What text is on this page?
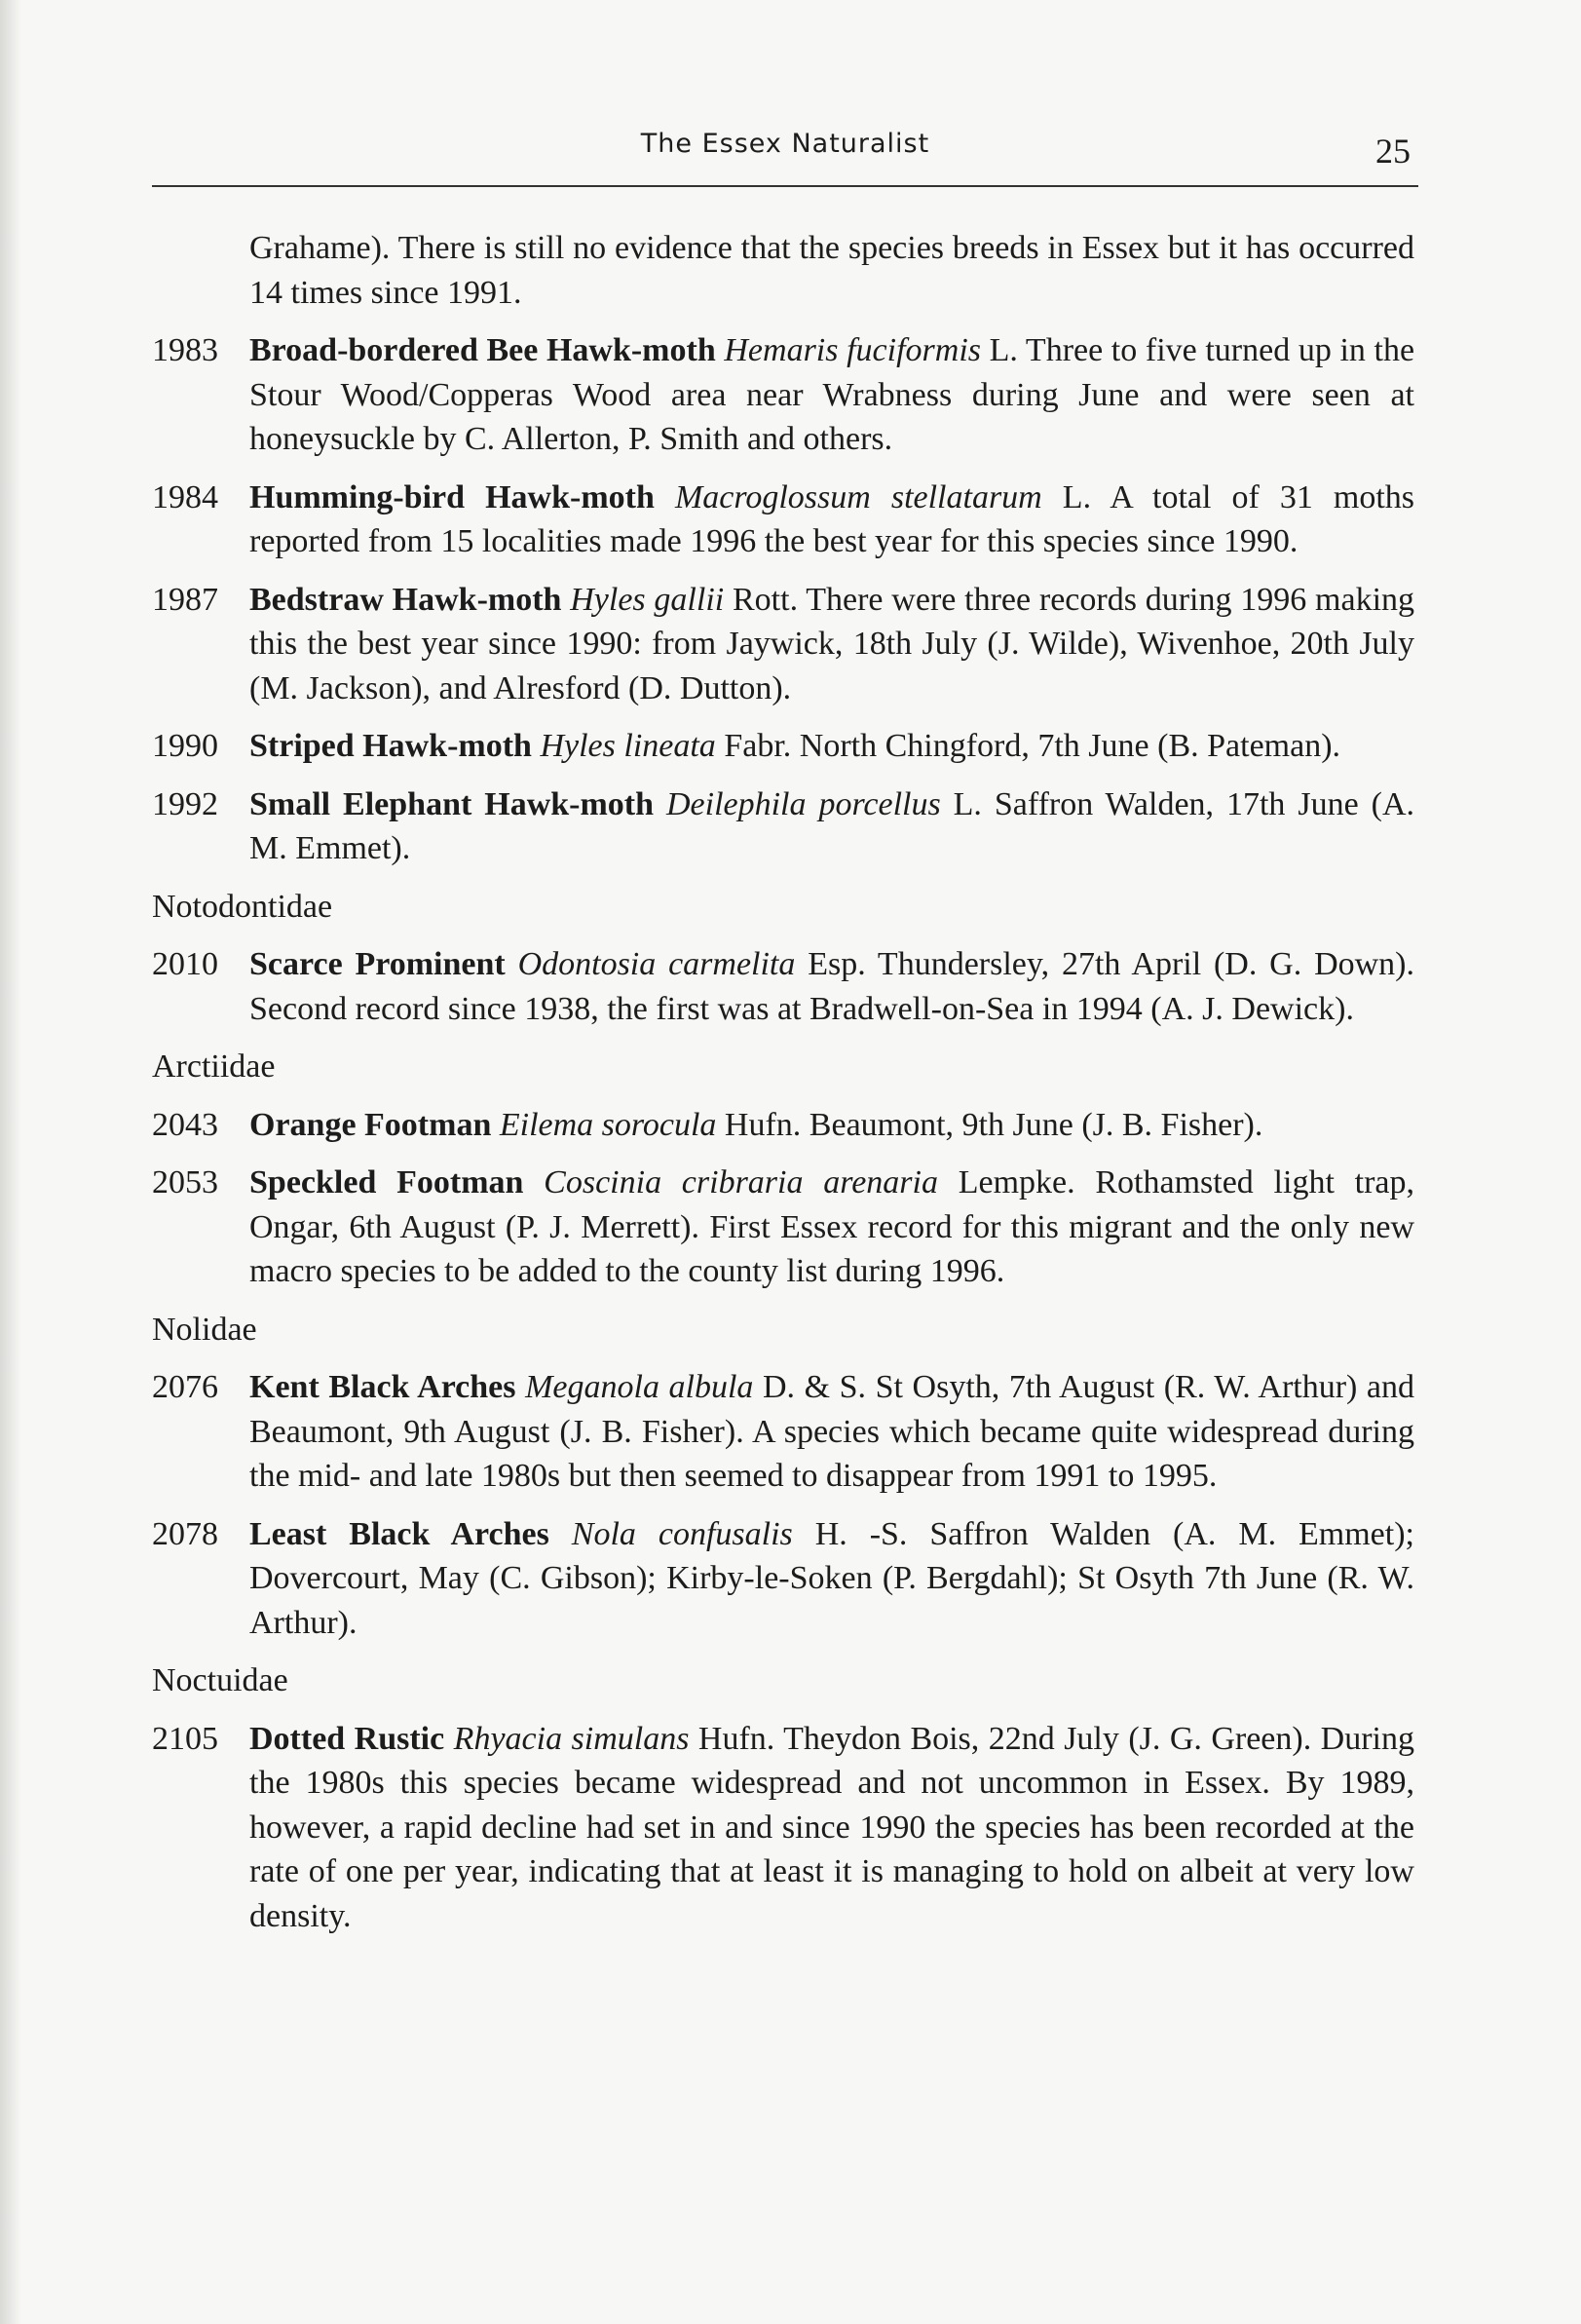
The Essex Naturalist	25
Grahame). There is still no evidence that the species breeds in Essex but it has occurred 14 times since 1991.
1983 Broad-bordered Bee Hawk-moth Hemaris fuciformis L. Three to five turned up in the Stour Wood/Copperas Wood area near Wrabness during June and were seen at honeysuckle by C. Allerton, P. Smith and others.
1984 Humming-bird Hawk-moth Macroglossum stellatarum L. A total of 31 moths reported from 15 localities made 1996 the best year for this species since 1990.
1987 Bedstraw Hawk-moth Hyles gallii Rott. There were three records during 1996 making this the best year since 1990: from Jaywick, 18th July (J. Wilde), Wivenhoe, 20th July (M. Jackson), and Alresford (D. Dutton).
1990 Striped Hawk-moth Hyles lineata Fabr. North Chingford, 7th June (B. Pateman).
1992 Small Elephant Hawk-moth Deilephila porcellus L. Saffron Walden, 17th June (A. M. Emmet).
Notodontidae
2010 Scarce Prominent Odontosia carmelita Esp. Thundersley, 27th April (D. G. Down). Second record since 1938, the first was at Bradwell-on-Sea in 1994 (A. J. Dewick).
Arctiidae
2043 Orange Footman Eilema sorocula Hufn. Beaumont, 9th June (J. B. Fisher).
2053 Speckled Footman Coscinia cribraria arenaria Lempke. Rothamsted light trap, Ongar, 6th August (P. J. Merrett). First Essex record for this migrant and the only new macro species to be added to the county list during 1996.
Nolidae
2076 Kent Black Arches Meganola albula D. & S. St Osyth, 7th August (R. W. Arthur) and Beaumont, 9th August (J. B. Fisher). A species which became quite widespread during the mid- and late 1980s but then seemed to disappear from 1991 to 1995.
2078 Least Black Arches Nola confusalis H. -S. Saffron Walden (A. M. Emmet); Dovercourt, May (C. Gibson); Kirby-le-Soken (P. Bergdahl); St Osyth 7th June (R. W. Arthur).
Noctuidae
2105 Dotted Rustic Rhyacia simulans Hufn. Theydon Bois, 22nd July (J. G. Green). During the 1980s this species became widespread and not uncommon in Essex. By 1989, however, a rapid decline had set in and since 1990 the species has been recorded at the rate of one per year, indicating that at least it is managing to hold on albeit at very low density.
